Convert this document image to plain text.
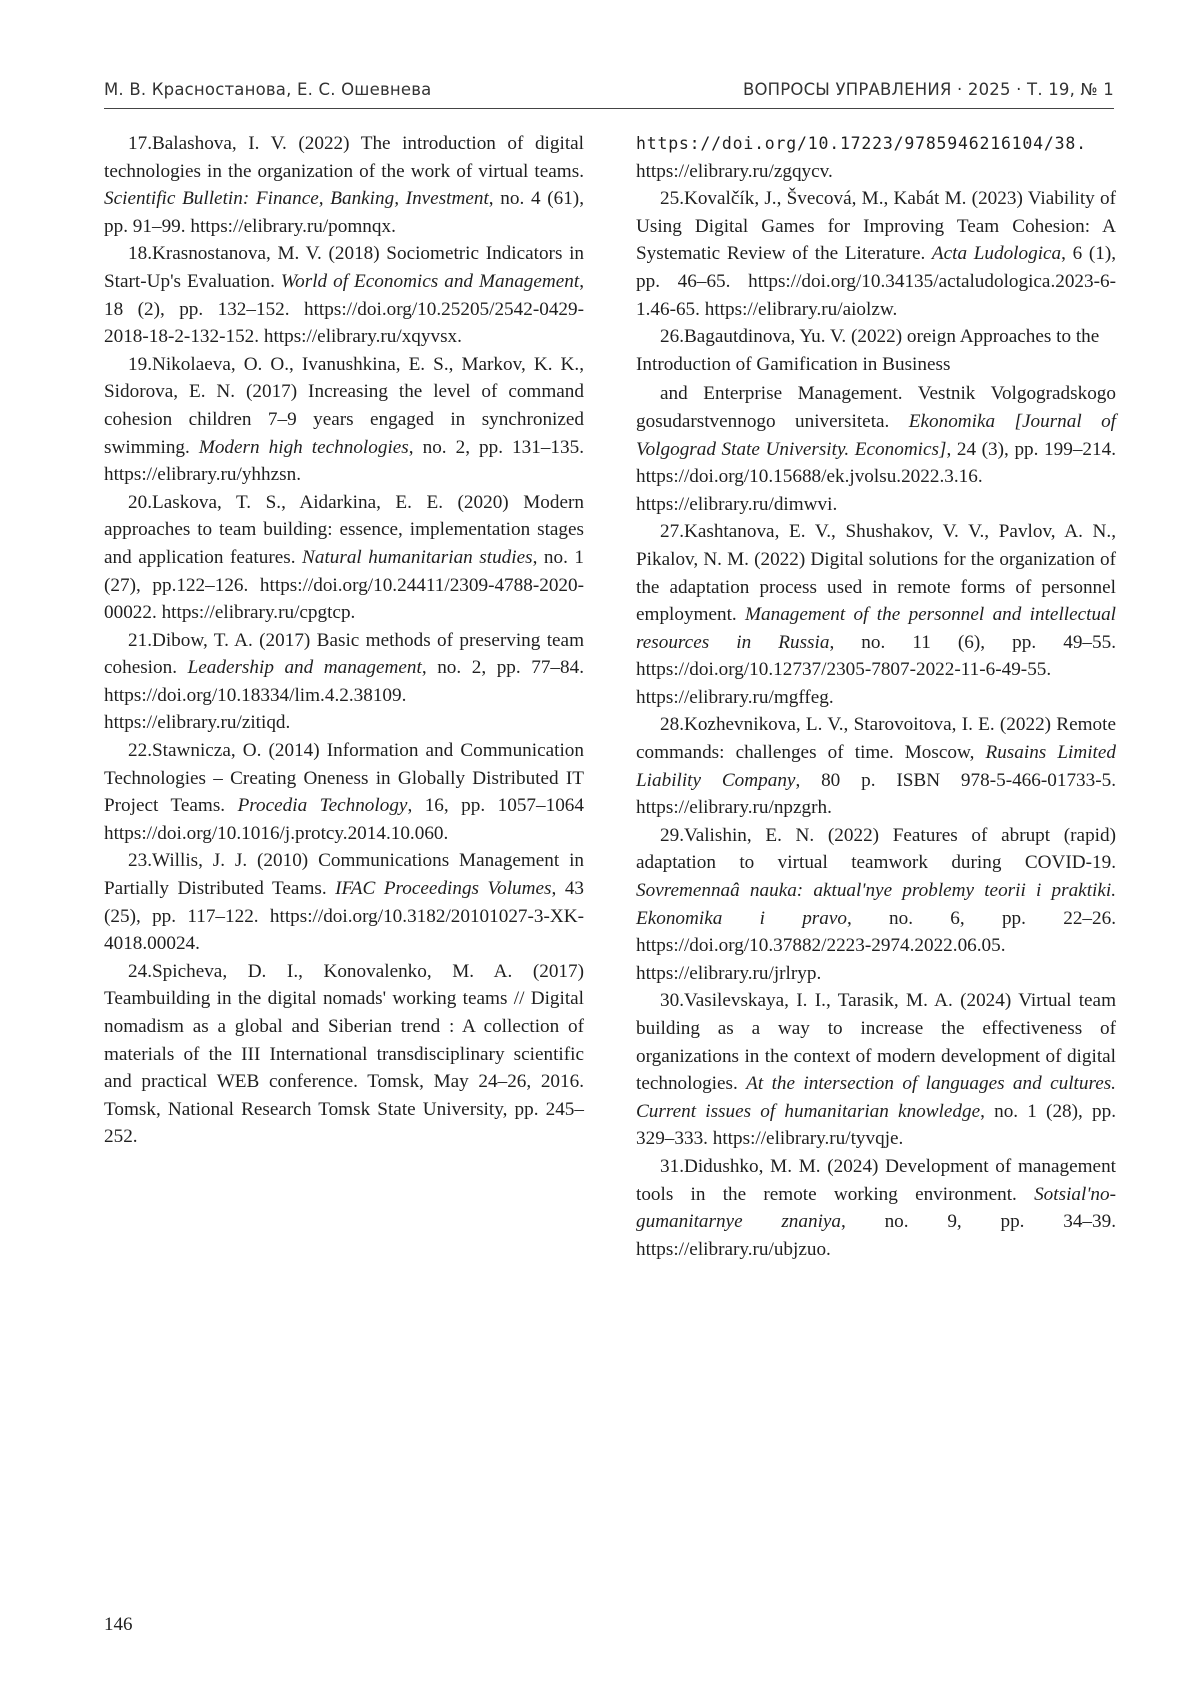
М. В. Красностанова, Е. С. Ошевнева	ВОПРОСЫ УПРАВЛЕНИЯ · 2025 · Т. 19, № 1

17.Balashova, I. V. (2022) The introduction of digital technologies in the organization of the work of virtual teams. Scientific Bulletin: Finance, Banking, Investment, no. 4 (61), pp. 91–99. https://elibrary.ru/pomnqx.

18.Krasnostanova, M. V. (2018) Sociometric Indicators in Start-Up's Evaluation. World of Economics and Management, 18 (2), pp. 132–152. https://doi.org/10.25205/2542-0429-2018-18-2-132-152. https://elibrary.ru/xqyvsx.

19.Nikolaeva, O. O., Ivanushkina, E. S., Markov, K. K., Sidorova, E. N. (2017) Increasing the level of command cohesion children 7–9 years engaged in synchronized swimming. Modern high technologies, no. 2, pp. 131–135. https://elibrary.ru/yhhzsn.

20.Laskova, T. S., Aidarkina, E. E. (2020) Modern approaches to team building: essence, implementation stages and application features. Natural humanitarian studies, no. 1 (27), pp.122–126. https://doi.org/10.24411/2309-4788-2020-00022. https://elibrary.ru/cpgtcp.

21.Dibow, T. A. (2017) Basic methods of preserving team cohesion. Leadership and management, no. 2, pp. 77–84. https://doi.org/10.18334/lim.4.2.38109. https://elibrary.ru/zitiqd.

22.Stawnicza, O. (2014) Information and Communication Technologies – Creating Oneness in Globally Distributed IT Project Teams. Procedia Technology, 16, pp. 1057–1064 https://doi.org/10.1016/j.protcy.2014.10.060.

23.Willis, J. J. (2010) Communications Management in Partially Distributed Teams. IFAC Proceedings Volumes, 43 (25), pp. 117–122. https://doi.org/10.3182/20101027-3-XK-4018.00024.

24.Spicheva, D. I., Konovalenko, M. A. (2017) Teambuilding in the digital nomads' working teams // Digital nomadism as a global and Siberian trend : A collection of materials of the III International transdisciplinary scientific and practical WEB conference. Tomsk, May 24–26, 2016. Tomsk, National Research Tomsk State University, pp. 245–252.

https://doi.org/10.17223/9785946216104/38. https://elibrary.ru/zgqycv.

25.Kovalčík, J., Švecová, M., Kabát M. (2023) Viability of Using Digital Games for Improving Team Cohesion: A Systematic Review of the Literature. Acta Ludologica, 6 (1), pp. 46–65. https://doi.org/10.34135/actaludologica.2023-6-1.46-65. https://elibrary.ru/aiolzw.

26.Bagautdinova, Yu. V. (2022) oreign Approaches to the Introduction of Gamification in Business

and Enterprise Management. Vestnik Volgogradskogo gosudarstvennogo universiteta. Ekonomika [Journal of Volgograd State University. Economics], 24 (3), pp. 199–214. https://doi.org/10.15688/ek.jvolsu.2022.3.16. https://elibrary.ru/dimwvi.

27.Kashtanova, E. V., Shushakov, V. V., Pavlov, A. N., Pikalov, N. M. (2022) Digital solutions for the organization of the adaptation process used in remote forms of personnel employment. Management of the personnel and intellectual resources in Russia, no. 11 (6), pp. 49–55. https://doi.org/10.12737/2305-7807-2022-11-6-49-55. https://elibrary.ru/mgffeg.

28.Kozhevnikova, L. V., Starovoitova, I. E. (2022) Remote commands: challenges of time. Moscow, Rusains Limited Liability Company, 80 p. ISBN 978-5-466-01733-5. https://elibrary.ru/npzgrh.

29.Valishin, E. N. (2022) Features of abrupt (rapid) adaptation to virtual teamwork during COVID-19. Sovremennaâ nauka: aktual'nye problemy teorii i praktiki. Ekonomika i pravo, no. 6, pp. 22–26. https://doi.org/10.37882/2223-2974.2022.06.05. https://elibrary.ru/jrlryp.

30.Vasilevskaya, I. I., Tarasik, M. A. (2024) Virtual team building as a way to increase the effectiveness of organizations in the context of modern development of digital technologies. At the intersection of languages and cultures. Current issues of humanitarian knowledge, no. 1 (28), pp. 329–333. https://elibrary.ru/tyvqje.

31.Didushko, M. M. (2024) Development of management tools in the remote working environment. Sotsial'no-gumanitarnye znaniya, no. 9, pp. 34–39. https://elibrary.ru/ubjzuo.

146
